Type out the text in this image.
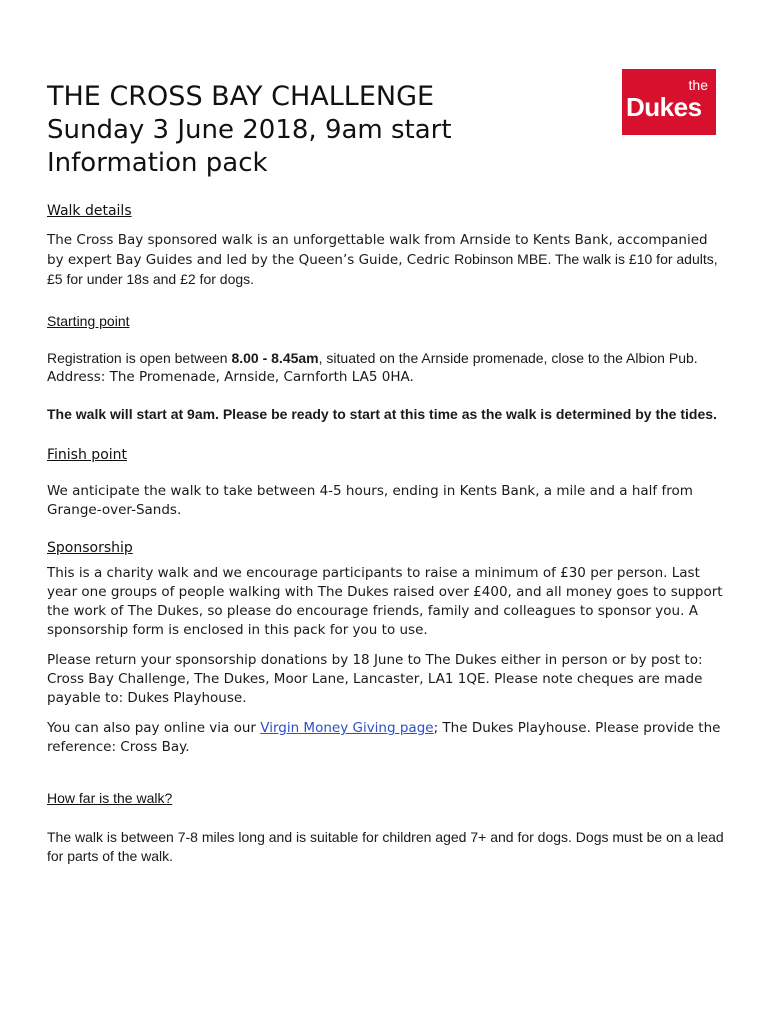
the
Dukes
THE CROSS BAY CHALLENGE

Sunday 3 June 2018, 9am start

Information pack

Walk details

The Cross Bay sponsored walk is an unforgettable walk from Arnside to Kents Bank, accompanied by expert Bay Guides and led by the Queen’s Guide, Cedric Robinson MBE. The walk is £10 for adults, £5 for under 18s and £2 for dogs.

Starting point

Registration is open between 8.00 - 8.45am, situated on the Arnside promenade, close to the Albion Pub.

Address: The Promenade, Arnside, Carnforth LA5 0HA.

The walk will start at 9am. Please be ready to start at this time as the walk is determined by the tides.

Finish point

We anticipate the walk to take between 4-5 hours, ending in Kents Bank, a mile and a half from Grange-over-Sands.

Sponsorship

This is a charity walk and we encourage participants to raise a minimum of £30 per person. Last year one groups of people walking with The Dukes raised over £400, and all money goes to support the work of The Dukes, so please do encourage friends, family and colleagues to sponsor you. A sponsorship form is enclosed in this pack for you to use.

Please return your sponsorship donations by 18 June to The Dukes either in person or by post to: Cross Bay Challenge, The Dukes, Moor Lane, Lancaster, LA1 1QE. Please note cheques are made payable to: Dukes Playhouse.

You can also pay online via our Virgin Money Giving page; The Dukes Playhouse. Please provide the reference: Cross Bay.

How far is the walk?

The walk is between 7-8 miles long and is suitable for children aged 7+ and for dogs. Dogs must be on a lead for parts of the walk.
